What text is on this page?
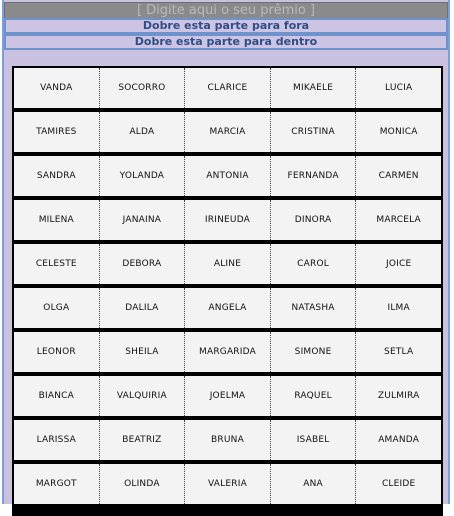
[ Digite aqui o seu prêmio ]
Dobre esta parte para fora
Dobre esta parte para dentro
VANDA	SOCORRO	CLARICE	MIKAELE	LUCIA
TAMIRES	ALDA	MARCIA	CRISTINA	MONICA
SANDRA	YOLANDA	ANTONIA	FERNANDA	CARMEN
MILENA	JANAINA	IRINEUDA	DINORA	MARCELA
CELESTE	DEBORA	ALINE	CAROL	JOICE
OLGA	DALILA	ANGELA	NATASHA	ILMA
LEONOR	SHEILA	MARGARIDA	SIMONE	SETLA
BIANCA	VALQUIRIA	JOELMA	RAQUEL	ZULMIRA
LARISSA	BEATRIZ	BRUNA	ISABEL	AMANDA
MARGOT	OLINDA	VALERIA	ANA	CLEIDE
